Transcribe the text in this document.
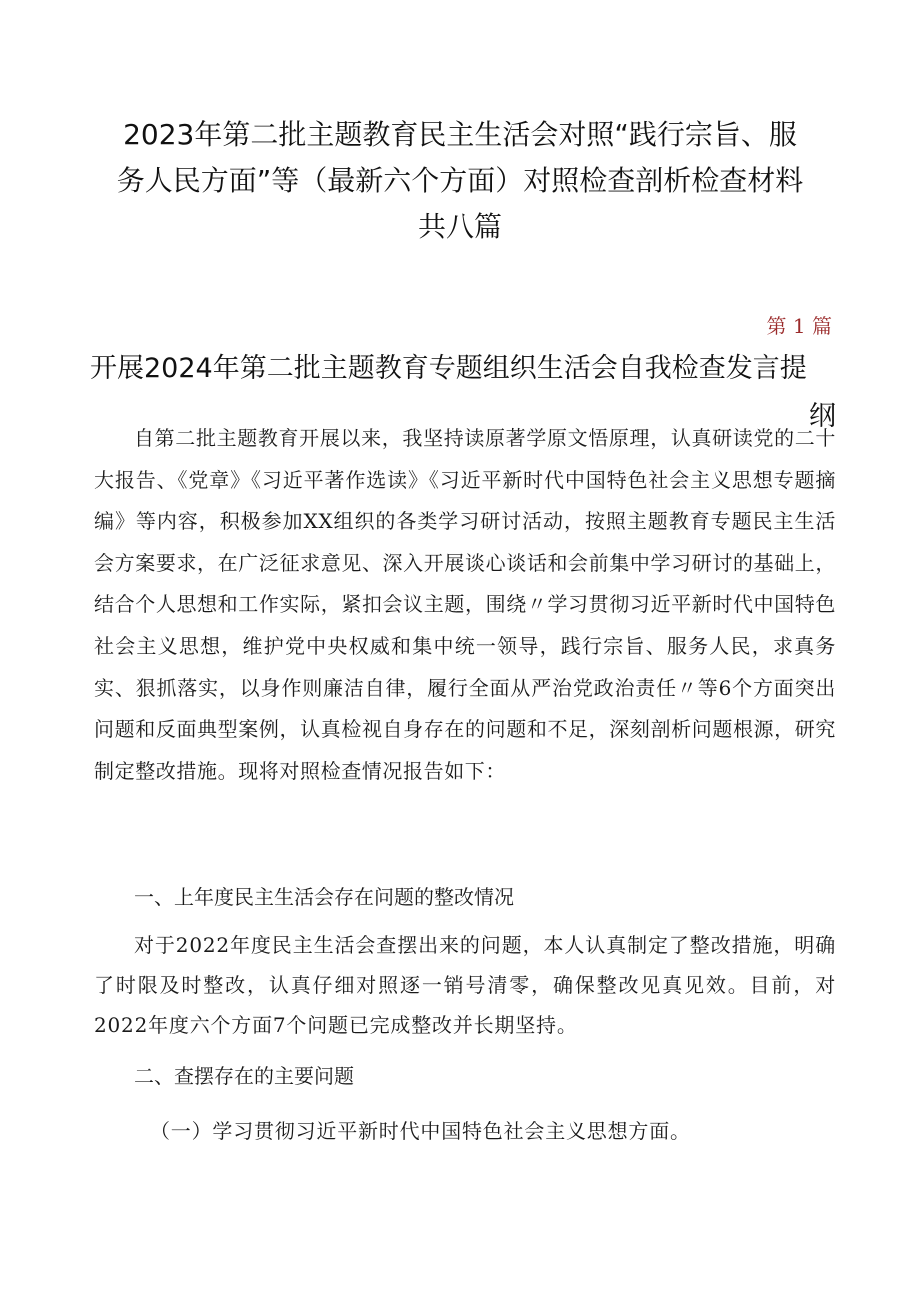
2023年第二批主题教育民主生活会对照“践行宗旨、服
务人民方面”等（最新六个方面）对照检查剖析检查材料
共八篇

第 1 篇

开展2024年第二批主题教育专题组织生活会自我检查发言提
纲

自第二批主题教育开展以来，我坚持读原著学原文悟原理，认真研读党的二十大报告、《党章》《习近平著作选读》《习近平新时代中国特色社会主义思想专题摘编》等内容，积极参加XX组织的各类学习研讨活动，按照主题教育专题民主生活会方案要求，在广泛征求意见、深入开展谈心谈话和会前集中学习研讨的基础上，结合个人思想和工作实际，紧扣会议主题，围绕〃学习贯彻习近平新时代中国特色社会主义思想，维护党中央权威和集中统一领导，践行宗旨、服务人民，求真务实、狠抓落实，以身作则廉洁自律，履行全面从严治党政治责任〃等6个方面突出问题和反面典型案例，认真检视自身存在的问题和不足，深刻剖析问题根源，研究制定整改措施。现将对照检查情况报告如下：

一、上年度民主生活会存在问题的整改情况

对于2022年度民主生活会查摆出来的问题，本人认真制定了整改措施，明确了时限及时整改，认真仔细对照逐一销号清零，确保整改见真见效。目前，对2022年度六个方面7个问题已完成整改并长期坚持。

二、查摆存在的主要问题

（一）学习贯彻习近平新时代中国特色社会主义思想方面。
